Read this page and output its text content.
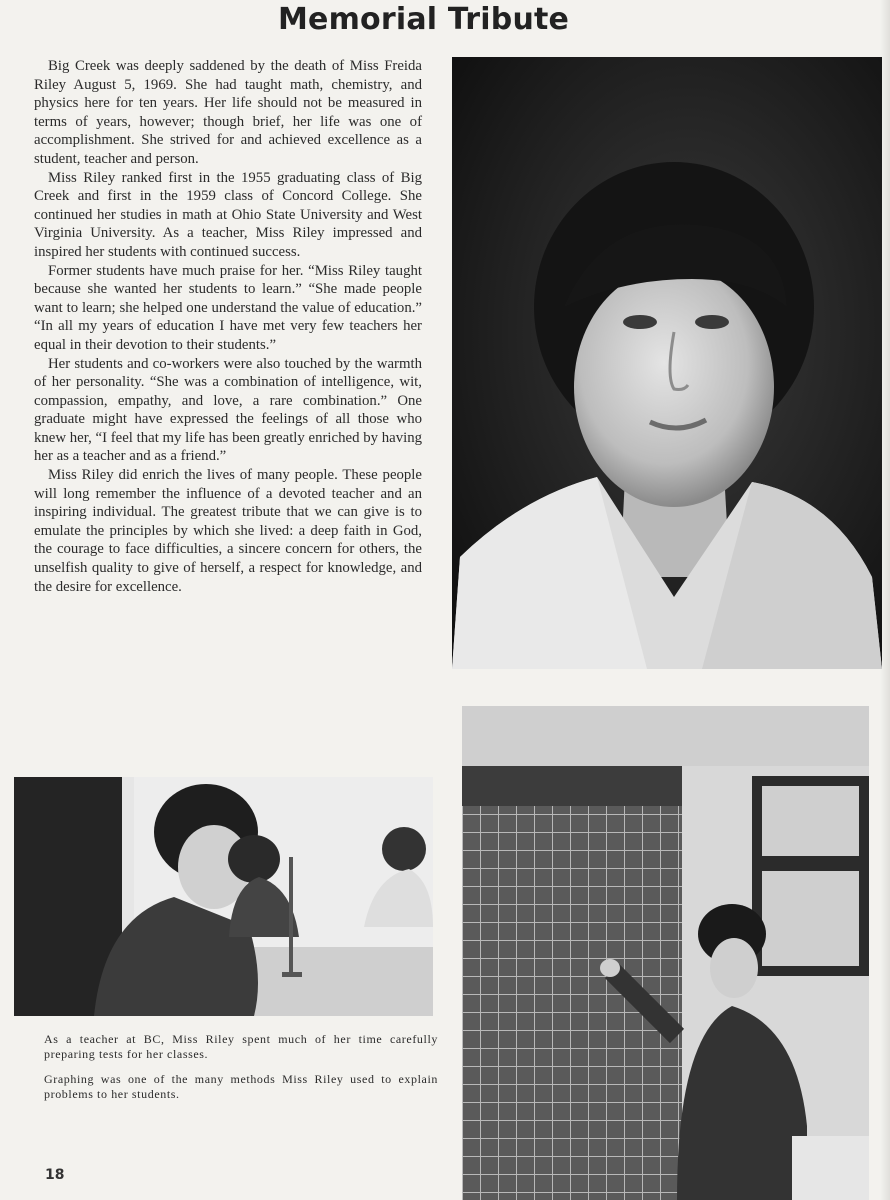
Memorial Tribute

Big Creek was deeply saddened by the death of Miss Freida Riley August 5, 1969. She had taught math, chemistry, and physics here for ten years. Her life should not be measured in terms of years, however; though brief, her life was one of accomplishment. She strived for and achieved excellence as a student, teacher and person.

Miss Riley ranked first in the 1955 graduating class of Big Creek and first in the 1959 class of Concord College. She continued her studies in math at Ohio State University and West Virginia University. As a teacher, Miss Riley impressed and inspired her students with continued success.

Former students have much praise for her. “Miss Riley taught because she wanted her students to learn.” “She made people want to learn; she helped one understand the value of education.” “In all my years of education I have met very few teachers her equal in their devotion to their students.”

Her students and co-workers were also touched by the warmth of her personality. “She was a combination of intelligence, wit, compassion, empathy, and love, a rare combination.” One graduate might have expressed the feelings of all those who knew her, “I feel that my life has been greatly enriched by having her as a teacher and as a friend.”

Miss Riley did enrich the lives of many people. These people will long remember the influence of a devoted teacher and an inspiring individual. The greatest tribute that we can give is to emulate the principles by which she lived: a deep faith in God, the courage to face difficulties, a sincere concern for others, the unselfish quality to give of herself, a respect for knowledge, and the desire for excellence.

As a teacher at BC, Miss Riley spent much of her time carefully preparing tests for her classes.
Graphing was one of the many methods Miss Riley used to explain problems to her students.
18
